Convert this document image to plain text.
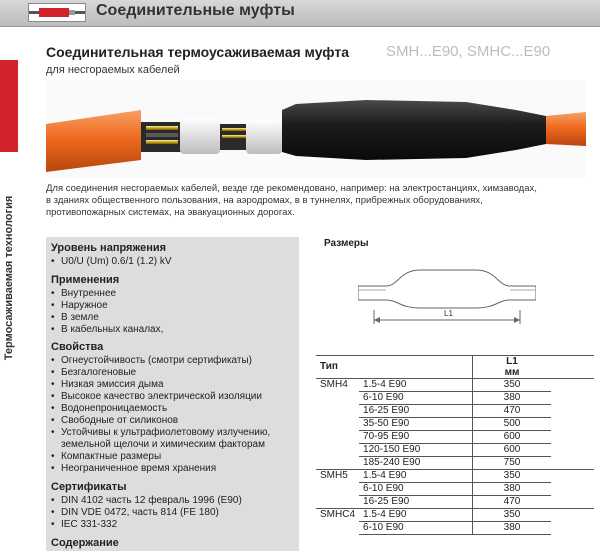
Соединительные муфты
Термосаживаемая технология
Соединительная термоусаживаемая муфта SMH...E90, SMHC...E90
для несгораемых кабелей
Для соединения несгораемых кабелей, везде где рекомендовано, например: на электростанциях, химзаводах,
в зданиях общественного пользования, на аэродромах, в в туннелях, прибрежных оборудованиях,
противопожарных системах, на эвакуационных дорогах.
Уровень напряжения
• U0/U (Um) 0.6/1 (1.2) kV
Применения
• Внутреннее
• Наружное
• В земле
• В кабельных каналах,
Свойства
• Огнеустойчивость (смотри сертификаты)
• Безгалогеновые
• Низкая эмиссия дыма
• Высокое качество электрической изоляции
• Водонепроницаемость
• Свободные от силиконов
• Устойчивы к ультрафиолетовому излучению,
земельной щелочи и химическим факторам
• Компактные размеры
• Неограниченное время хранения
Сертификаты
• DIN 4102 часть 12 февраль 1996 (E90)
• DIN VDE 0472, часть 814 (FE 180)
• IEC 331-332
Содержание
Размеры
L1
Тип		L1
мм	

SMH4	1.5-4 E90	350	
	6-10 E90	380	
	16-25 E90	470	
	35-50 E90	500	
	70-95 E90	600	
	120-150 E90	600	
	185-240 E90	750	
SMH5	1.5-4 E90	350	
	6-10 E90	380	
	16-25 E90	470	
SMHC4	1.5-4 E90	350	
	6-10 E90	380	
